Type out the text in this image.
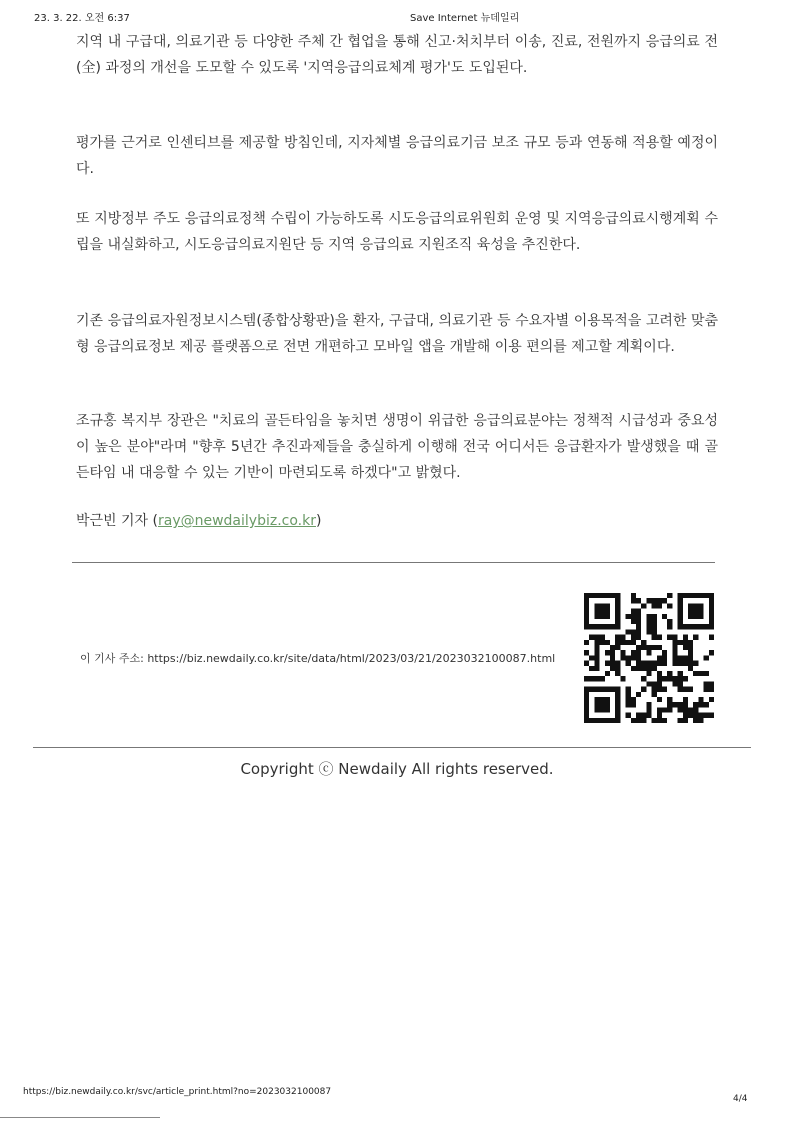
23. 3. 22. 오전 6:37	Save Internet 뉴데일리

지역 내 구급대, 의료기관 등 다양한 주체 간 협업을 통해 신고·처치부터 이송, 진료, 전원까지 응급의료 전(全) 과정의 개선을 도모할 수 있도록 '지역응급의료체계 평가'도 도입된다.

평가를 근거로 인센티브를 제공할 방침인데, 지자체별 응급의료기금 보조 규모 등과 연동해 적용할 예정이다.

또 지방정부 주도 응급의료정책 수립이 가능하도록 시도응급의료위원회 운영 및 지역응급의료시행계획 수립을 내실화하고, 시도응급의료지원단 등 지역 응급의료 지원조직 육성을 추진한다.

기존 응급의료자원정보시스템(종합상황판)을 환자, 구급대, 의료기관 등 수요자별 이용목적을 고려한 맞춤형 응급의료정보 제공 플랫폼으로 전면 개편하고 모바일 앱을 개발해 이용 편의를 제고할 계획이다.

조규홍 복지부 장관은 "치료의 골든타임을 놓치면 생명이 위급한 응급의료분야는 정책적 시급성과 중요성이 높은 분야"라며 "향후 5년간 추진과제들을 충실하게 이행해 전국 어디서든 응급환자가 발생했을 때 골든타임 내 대응할 수 있는 기반이 마련되도록 하겠다"고 밝혔다.

박근빈 기자 (ray@newdailybiz.co.kr)
이 기사 주소: https://biz.newdaily.co.kr/site/data/html/2023/03/21/2023032100087.html
Copyright ⓒ Newdaily All rights reserved.
https://biz.newdaily.co.kr/svc/article_print.html?no=2023032100087
4/4
